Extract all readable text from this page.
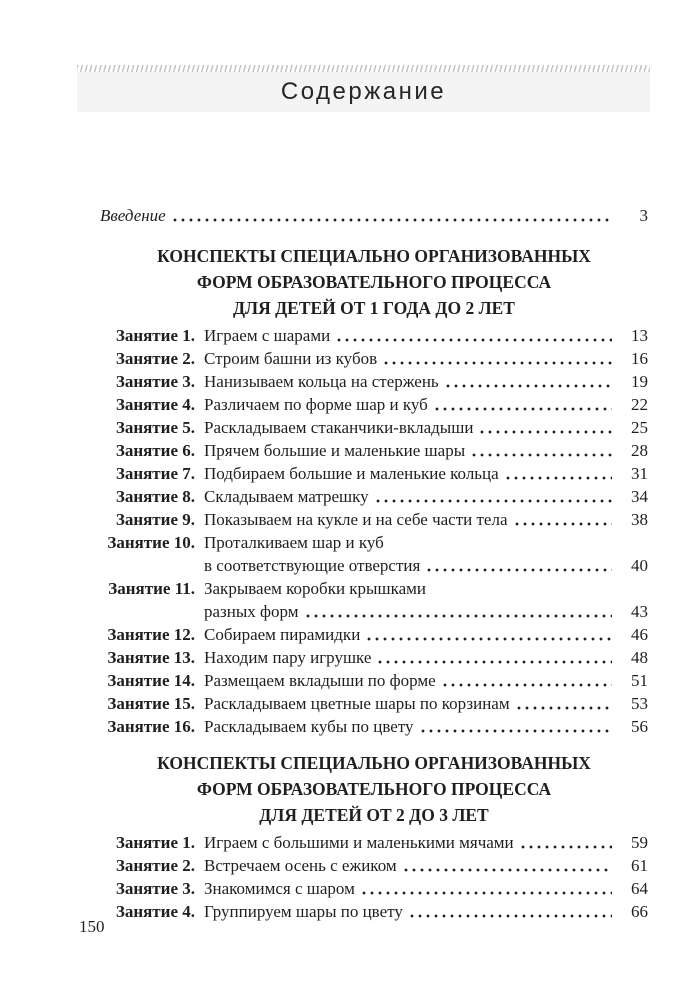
Содержание
Введение	3
КОНСПЕКТЫ СПЕЦИАЛЬНО ОРГАНИЗОВАННЫХ
ФОРМ ОБРАЗОВАТЕЛЬНОГО ПРОЦЕССА
ДЛЯ ДЕТЕЙ ОТ 1 ГОДА ДО 2 ЛЕТ
Занятие 1. Играем с шарами	13
Занятие 2. Строим башни из кубов	16
Занятие 3. Нанизываем кольца на стержень	19
Занятие 4. Различаем по форме шар и куб	22
Занятие 5. Раскладываем стаканчики-вкладыши	25
Занятие 6. Прячем большие и маленькие шары	28
Занятие 7. Подбираем большие и маленькие кольца	31
Занятие 8. Складываем матрешку	34
Занятие 9. Показываем на кукле и на себе части тела	38
Занятие 10. Проталкиваем шар и куб
в соответствующие отверстия	40
Занятие 11. Закрываем коробки крышками
разных форм	43
Занятие 12. Собираем пирамидки	46
Занятие 13. Находим пару игрушке	48
Занятие 14. Размещаем вкладыши по форме	51
Занятие 15. Раскладываем цветные шары по корзинам	53
Занятие 16. Раскладываем кубы по цвету	56
КОНСПЕКТЫ СПЕЦИАЛЬНО ОРГАНИЗОВАННЫХ
ФОРМ ОБРАЗОВАТЕЛЬНОГО ПРОЦЕССА
ДЛЯ ДЕТЕЙ ОТ 2 ДО 3 ЛЕТ
Занятие 1. Играем с большими и маленькими мячами	59
Занятие 2. Встречаем осень с ежиком	61
Занятие 3. Знакомимся с шаром	64
Занятие 4. Группируем шары по цвету	66
150
